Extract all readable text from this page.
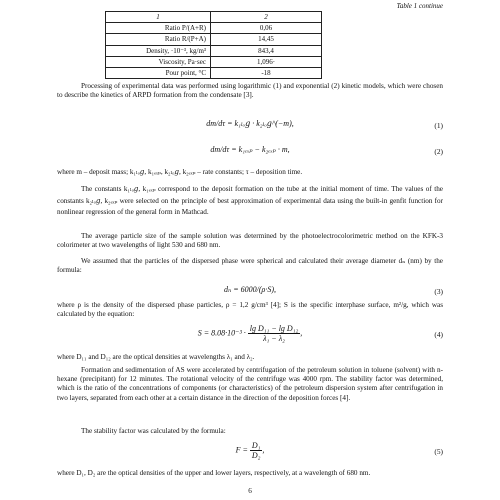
Table 1 continue
1	2
Ratio P/(A+R)	0,06
Ratio R/(P+A)	14,45
Density, ·10⁻³, kg/m³	843,4
Viscosity, Pa·sec	1,096·
Pour point, °C	-18

Processing of experimental data was performed using logarithmic (1) and exponential (2) kinetic models, which were chosen to describe the kinetics of ARPD formation from the condensate [3].

dm/dτ = k₁ₗₒ𝑔 · k₂ₗₒ𝑔^(−m),	(1)
dm/dτ = k₁ₑₓₚ − k₂ₑₓₚ · m,	(2)

where m – deposit mass; k₁ₗₒ𝑔, k₁ₑₓₚ, k₂ₗₒ𝑔, k₂ₑₓₚ – rate constants; τ – deposition time.

The constants k₁ₗₒ𝑔, k₁ₑₓₚ correspond to the deposit formation on the tube at the initial moment of time. The values of the constants k₂ₗₒ𝑔, k₂ₑₓₚ were selected on the principle of best approximation of experimental data using the built-in genfit function for nonlinear regression of the general form in Mathcad.

The average particle size of the sample solution was determined by the photoelectrocolorimetric method on the KFK-3 colorimeter at two wavelengths of light 530 and 680 nm.

We assumed that the particles of the dispersed phase were spherical and calculated their average diameter dₙ (nm) by the formula:

dₙ = 6000/(ρ·S),	(3)

where ρ is the density of the dispersed phase particles, ρ = 1,2 g/cm³ [4]; S is the specific interphase surface, m²/g, which was calculated by the equation:

$S = 8.08\cdot 10^{-3} \cdot \frac{\text{lg D₁₁ − lg D₁₂}}{\text{λ₁ − λ₂}}$ ,	(4)

where D₁₁ and D₁₂ are the optical densities at wavelengths λ₁ and λ₂.

Formation and sedimentation of AS were accelerated by centrifugation of the petroleum solution in toluene (solvent) with n-hexane (precipitant) for 12 minutes. The rotational velocity of the centrifuge was 4000 rpm. The stability factor was determined, which is the ratio of the concentrations of components (or characteristics) of the petroleum dispersion system after centrifugation in two layers, separated from each other at a certain distance in the direction of the deposition forces [4].

The stability factor was calculated by the formula:

$F = \frac{\text{D₁}}{\text{D₂}}$ ,	(5)

where D₁, D₂ are the optical densities of the upper and lower layers, respectively, at a wavelength of 680 nm.

6
